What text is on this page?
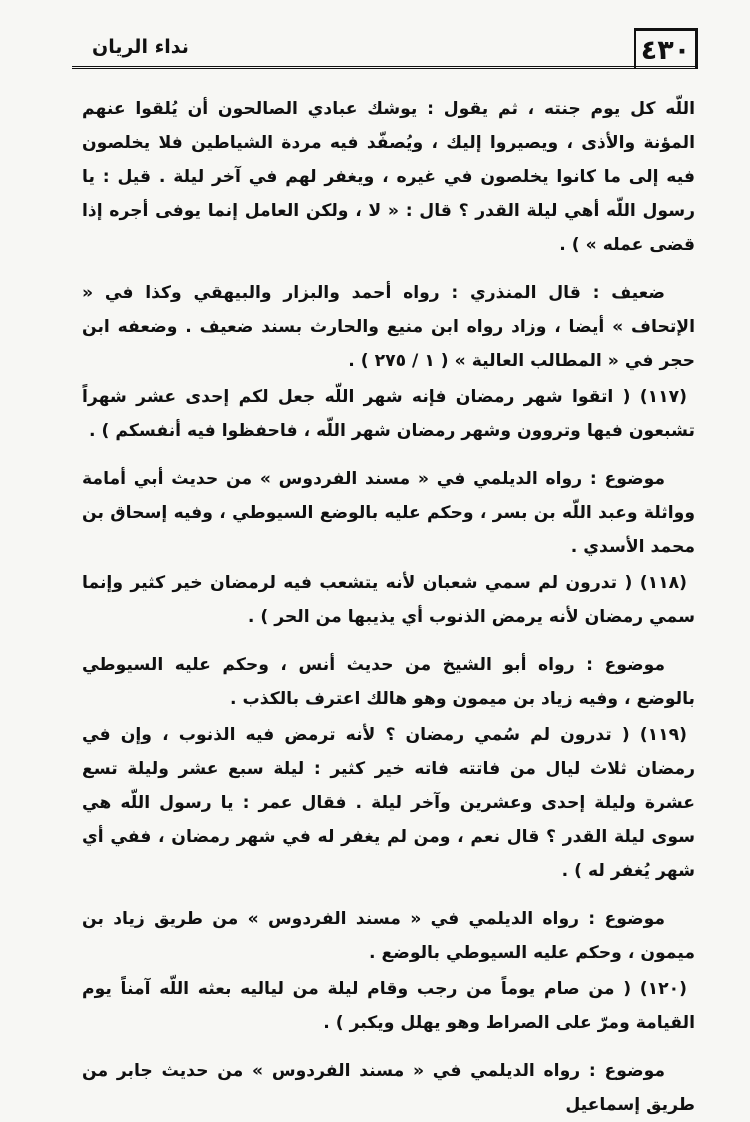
٤٣٠
نداء الريان

اللّه كل يوم جنته ، ثم يقول : يوشك عبادي الصالحون أن يُلقوا عنهم المؤنة والأذى ، ويصيروا إليك ، ويُصفّد فيه مردة الشياطين فلا يخلصون فيه إلى ما كانوا يخلصون في غيره ، ويغفر لهم في آخر ليلة . قيل : يا رسول اللّه أهي ليلة القدر ؟ قال : « لا ، ولكن العامل إنما يوفى أجره إذا قضى عمله » ) .

ضعيف : قال المنذري : رواه أحمد والبزار والبيهقي وكذا في « الإتحاف » أيضا ، وزاد رواه ابن منيع والحارث بسند ضعيف . وضعفه ابن حجر في « المطالب العالية » ( ١ / ٢٧٥ ) .

(١١٧) ( اتقوا شهر رمضان فإنه شهر اللّه جعل لكم إحدى عشر شهراً تشبعون فيها وتروون وشهر رمضان شهر اللّه ، فاحفظوا فيه أنفسكم ) .

موضوع : رواه الديلمي في « مسند الفردوس » من حديث أبي أمامة وواثلة وعبد اللّه بن بسر ، وحكم عليه بالوضع السيوطي ، وفيه إسحاق بن محمد الأسدي .

(١١٨) ( تدرون لم سمي شعبان لأنه يتشعب فيه لرمضان خير كثير وإنما سمي رمضان لأنه يرمض الذنوب أي يذيبها من الحر ) .

موضوع : رواه أبو الشيخ من حديث أنس ، وحكم عليه السيوطي بالوضع ، وفيه زياد بن ميمون وهو هالك اعترف بالكذب .

(١١٩) ( تدرون لم سُمي رمضان ؟ لأنه ترمض فيه الذنوب ، وإن في رمضان ثلاث ليال من فاتته فاته خير كثير : ليلة سبع عشر وليلة تسع عشرة وليلة إحدى وعشرين وآخر ليلة . فقال عمر : يا رسول اللّه هي سوى ليلة القدر ؟ قال نعم ، ومن لم يغفر له في شهر رمضان ، ففي أي شهر يُغفر له ) .

موضوع : رواه الديلمي في « مسند الفردوس » من طريق زياد بن ميمون ، وحكم عليه السيوطي بالوضع .

(١٢٠) ( من صام يوماً من رجب وقام ليلة من لياليه بعثه اللّه آمناً يوم القيامة ومرّ على الصراط وهو يهلل ويكبر ) .

موضوع : رواه الديلمي في « مسند الفردوس » من حديث جابر من طريق إسماعيل
